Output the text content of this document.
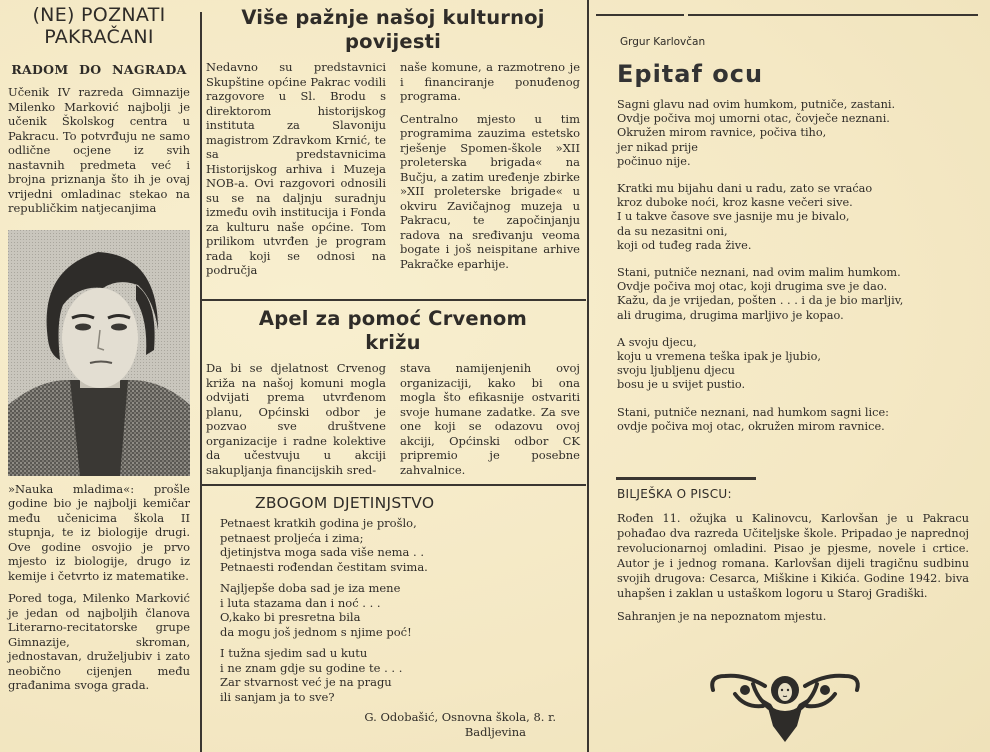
(NE) POZNATI
PAKRAČANI
RADOM DO NAGRADA

Učenik IV razreda Gimnazije Milenko Marković najbolji je učenik Školskog centra u Pakracu. To potvrđuju ne samo odlične ocjene iz svih nastavnih predmeta već i brojna priznanja što ih je ovaj vrijedni omladinac stekao na republičkim natjecanjima

»Nauka mladima«: prošle godine bio je najbolji kemičar među učenicima škola II stupnja, te iz biologije drugi. Ove godine osvojio je prvo mjesto iz biologije, drugo iz kemije i četvrto iz matematike.

Pored toga, Milenko Marković je jedan od najboljih članova Literarno-recitatorske grupe Gimnazije, skroman, jednostavan, druželjubiv i zato neobično cijenjen među građanima svoga grada.

Više pažnje našoj kulturnoj
povijesti

Nedavno su predstavnici Skupštine općine Pakrac vodili razgovore u Sl. Brodu s direktorom historijskog instituta za Slavoniju magistrom Zdravkom Krnić, te sa predstavnicima Historijskog arhiva i Muzeja NOB-a. Ovi razgovori odnosili su se na daljnju suradnju između ovih institucija i Fonda za kulturu naše općine. Tom prilikom utvrđen je program rada koji se odnosi na područja

naše komune, a razmotreno je i financiranje ponuđenog programa.

Centralno mjesto u tim programima zauzima estetsko rješenje Spomen-škole »XII proleterska brigada« na Bučju, a zatim uređenje zbirke »XII proleterske brigade« u okviru Zavičajnog muzeja u Pakracu, te započinjanju radova na sređivanju veoma bogate i još neispitane arhive Pakračke eparhije.

Apel za pomoć Crvenom
križu

Da bi se djelatnost Crvenog križa na našoj komuni mogla odvijati prema utvrđenom planu, Općinski odbor je pozvao sve društvene organizacije i radne kolektive da učestvuju u akciji sakupljanja financijskih sred-

stava namijenjenih ovoj organizaciji, kako bi ona mogla što efikasnije ostvariti svoje humane zadatke. Za sve one koji se odazovu ovoj akciji, Općinski odbor CK pripremio je posebne zahvalnice.

ZBOGOM DJETINJSTVO
Petnaest kratkih godina je prošlo,
petnaest proljeća i zima;
djetinjstva moga sada više nema . .
Petnaesti rođendan čestitam svima.
Najljepše doba sad je iza mene
i luta stazama dan i noć . . .
O,kako bi presretna bila
da mogu još jednom s njime poć!
I tužna sjedim sad u kutu
i ne znam gdje su godine te . . .
Zar stvarnost već je na pragu
ili sanjam ja to sve?
G. Odobašić, Osnovna škola, 8. r.
Badljevina
Grgur Karlovčan
Epitaf ocu
Sagni glavu nad ovim humkom, putniče, zastani.
Ovdje počiva moj umorni otac, čovječe neznani.
Okružen mirom ravnice, počiva tiho,
jer nikad prije
počinuo nije.
Kratki mu bijahu dani u radu, zato se vraćao
kroz duboke noći, kroz kasne večeri sive.
I u takve časove sve jasnije mu je bivalo,
da su nezasitni oni,
koji od tuđeg rada žive.
Stani, putniče neznani, nad ovim malim humkom.
Ovdje počiva moj otac, koji drugima sve je dao.
Kažu, da je vrijedan, pošten . . . i da je bio marljiv,
ali drugima, drugima marljivo je kopao.
A svoju djecu,
koju u vremena teška ipak je ljubio,
svoju ljubljenu djecu
bosu je u svijet pustio.
Stani, putniče neznani, nad humkom sagni lice:
ovdje počiva moj otac, okružen mirom ravnice.
BILJEŠKA O PISCU:

Rođen 11. ožujka u Kalinovcu, Karlovšan je u Pakracu pohađao dva razreda Učiteljske škole. Pripadao je naprednoj revolucionarnoj omladini. Pisao je pjesme, novele i crtice. Autor je i jednog romana. Karlovšan dijeli tragičnu sudbinu svojih drugova: Cesarca, Miškine i Kikića. Godine 1942. biva uhapšen i zaklan u ustaškom logoru u Staroj Gradiški.

Sahranjen je na nepoznatom mjestu.
